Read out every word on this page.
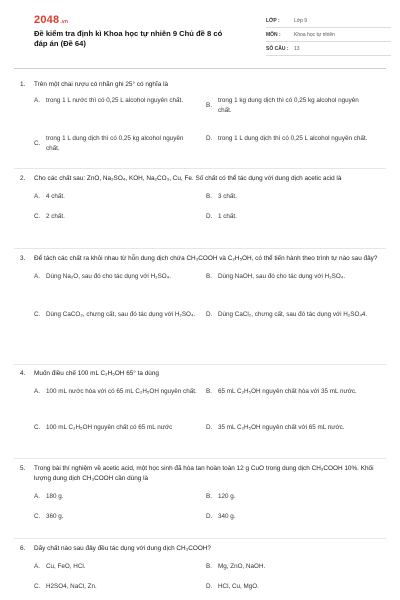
2048.vn
Đề kiểm tra định kì Khoa học tự nhiên 9 Chủ đề 8 có đáp án (Đề 64)
LỚP :	Lớp 9
MÔN :	Khoa học tự nhiên
SỐ CÂU :	13
1.	Trên một chai rượu có nhãn ghi 25° có nghĩa là
A. trong 1 L nước thì có 0,25 L alcohol nguyên chất.
B.
trong 1 kg dung dịch thì có 0,25 kg alcohol nguyên chất.
C.
trong 1 L dung dịch thì có 0,25 kg alcohol nguyên chất.
D. trong 1 L dung dịch thì có 0,25 L alcohol nguyên chất.
2.	Cho các chất sau: ZnO, Na₂SO₄, KOH, Na₂CO₃, Cu, Fe. Số chất có thể tác dụng với dung dịch acetic acid là
A. 4 chất.	B. 3 chất.
C. 2 chất.	D. 1 chất.
3.	Để tách các chất ra khỏi nhau từ hỗn dung dịch chứa CH₃COOH và C₂H₅OH, có thể tiến hành theo trình tự nào sau đây?
A. Dùng Na₂O, sau đó cho tác dụng với H₂SO₄.	B. Dùng NaOH, sau đó cho tác dụng với H₂SO₄.
C. Dùng CaCO₃, chưng cất, sau đó tác dụng với H₂SO₄.	D. Dùng CaCl₂, chưng cất, sau đó tác dụng với H₂SO₄4.
4.	Muốn điều chế 100 mL C₂H₅OH 65° ta dùng
A. 100 mL nước hòa với có 65 mL C₂H₅OH nguyên chất. B. 65 mL C₂H₅OH nguyên chất hòa với 35 mL nước.
C. 100 mL C₂H₅OH nguyên chất có 65 mL nước	D. 35 mL C₂H₅OH nguyên chất với 65 mL nước.
5.	Trong bài thí nghiệm về acetic acid, một học sinh đã hòa tan hoàn toàn 12 g CuO trong dung dịch CH₃COOH 10%. Khối lượng dung dịch CH₃COOH cần dùng là
A. 180 g.	B. 120 g.
C. 360 g.	D. 340 g.
6.	Dãy chất nào sau đây đều tác dụng với dung dịch CH₃COOH?
A. Cu, FeO, HCl.	B. Mg, ZnO, NaOH.
C. H2SO4, NaCl, Zn.	D. HCl, Cu, MgO.
